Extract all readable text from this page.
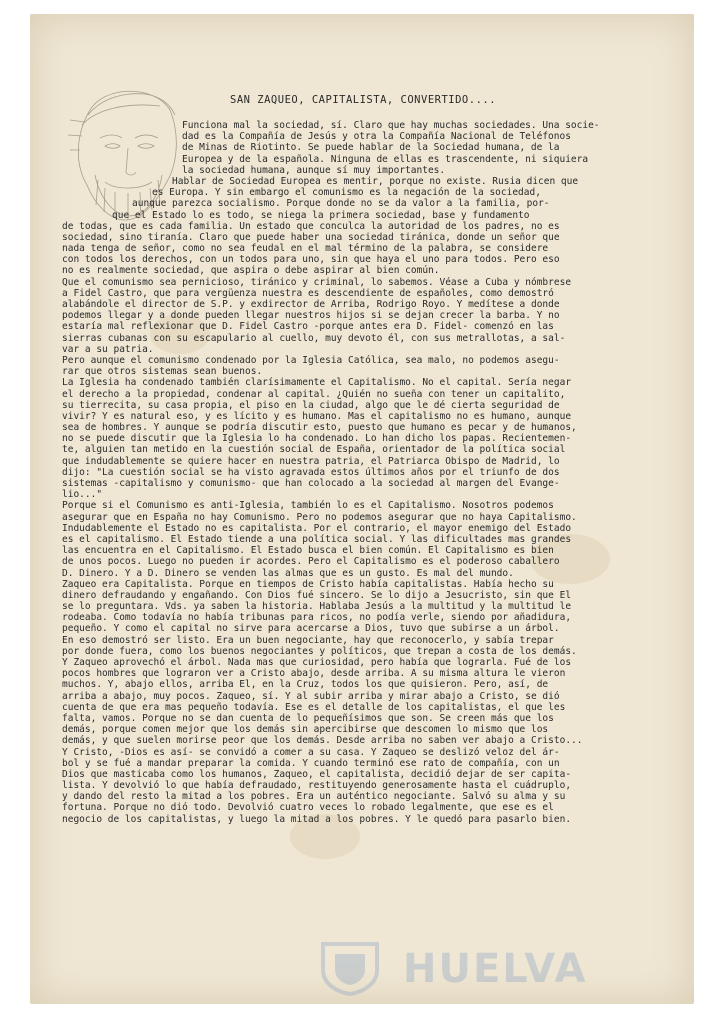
SAN ZAQUEO, CAPITALISTA, CONVERTIDO....
Funciona mal la sociedad, sí. Claro que hay muchas sociedades. Una socie-
dad es la Compañía de Jesús y otra la Compañía Nacional de Teléfonos
de Minas de Riotinto. Se puede hablar de la Sociedad humana, de la
Europea y de la española. Ninguna de ellas es trascendente, ni siquiera
la sociedad humana, aunque sí muy importantes.
Hablar de Sociedad Europea es mentir, porque no existe. Rusia dicen que
es Europa. Y sin embargo el comunismo es la negación de la sociedad,
aunque parezca socialismo. Porque donde no se da valor a la familia, por-
que el Estado lo es todo, se niega la primera sociedad, base y fundamento
de todas, que es cada familia. Un estado que conculca la autoridad de los padres, no es
sociedad, sino tiranía. Claro que puede haber una sociedad tiránica, donde un señor que
nada tenga de señor, como no sea feudal en el mal término de la palabra, se considere
con todos los derechos, con un todos para uno, sin que haya el uno para todos. Pero eso
no es realmente sociedad, que aspira o debe aspirar al bien común.
Que el comunismo sea pernicioso, tiránico y criminal, lo sabemos. Véase a Cuba y nómbrese
a Fidel Castro, que para vergüenza nuestra es descendiente de españoles, como demostró
alabándole el director de S.P. y exdirector de Arriba, Rodrigo Royo. Y medítese a donde
podemos llegar y a donde pueden llegar nuestros hijos si se dejan crecer la barba. Y no
estaría mal reflexionar que D. Fidel Castro -porque antes era D. Fidel- comenzó en las
sierras cubanas con su escapulario al cuello, muy devoto él, con sus metrallotas, a sal-
var a su patria.
Pero aunque el comunismo condenado por la Iglesia Católica, sea malo, no podemos asegu-
rar que otros sistemas sean buenos.
La Iglesia ha condenado también clarísimamente el Capitalismo. No el capital. Sería negar
el derecho a la propiedad, condenar al capital. ¿Quién no sueña con tener un capitalito,
su tierrecita, su casa propia, el piso en la ciudad, algo que le dé cierta seguridad de
vivir? Y es natural eso, y es lícito y es humano. Mas el capitalismo no es humano, aunque
sea de hombres. Y aunque se podría discutir esto, puesto que humano es pecar y de humanos,
no se puede discutir que la Iglesia lo ha condenado. Lo han dicho los papas. Recientemen-
te, alguien tan metido en la cuestión social de España, orientador de la política social
que indudablemente se quiere hacer en nuestra patria, el Patriarca Obispo de Madrid, lo
dijo: "La cuestión social se ha visto agravada estos últimos años por el triunfo de dos
sistemas -capitalismo y comunismo- que han colocado a la sociedad al margen del Evange-
lio..."
Porque si el Comunismo es anti-Iglesia, también lo es el Capitalismo. Nosotros podemos
asegurar que en España no hay Comunismo. Pero no podemos asegurar que no haya Capitalismo.
Indudablemente el Estado no es capitalista. Por el contrario, el mayor enemigo del Estado
es el capitalismo. El Estado tiende a una política social. Y las dificultades mas grandes
las encuentra en el Capitalismo. El Estado busca el bien común. El Capitalismo es bien
de unos pocos. Luego no pueden ir acordes. Pero el Capitalismo es el poderoso caballero
D. Dinero. Y a D. Dinero se venden las almas que es un gusto. Es mal del mundo.
Zaqueo era Capitalista. Porque en tiempos de Cristo había capitalistas. Había hecho su
dinero defraudando y engañando. Con Dios fué sincero. Se lo dijo a Jesucristo, sin que El
se lo preguntara. Vds. ya saben la historia. Hablaba Jesús a la multitud y la multitud le
rodeaba. Como todavía no había tribunas para ricos, no podía verle, siendo por añadidura,
pequeño. Y como el capital no sirve para acercarse a Dios, tuvo que subirse a un árbol.
En eso demostró ser listo. Era un buen negociante, hay que reconocerlo, y sabía trepar
por donde fuera, como los buenos negociantes y políticos, que trepan a costa de los demás.
Y Zaqueo aprovechó el árbol. Nada mas que curiosidad, pero había que lograrla. Fué de los
pocos hombres que lograron ver a Cristo abajo, desde arriba. A su misma altura le vieron
muchos. Y, abajo ellos, arriba El, en la Cruz, todos los que quisieron. Pero, así, de
arriba a abajo, muy pocos. Zaqueo, sí. Y al subir arriba y mirar abajo a Cristo, se dió
cuenta de que era mas pequeño todavía. Ese es el detalle de los capitalistas, el que les
falta, vamos. Porque no se dan cuenta de lo pequeñísimos que son. Se creen más que los
demás, porque comen mejor que los demás sin apercibirse que descomen lo mismo que los
demás, y que suelen morirse peor que los demás. Desde arriba no saben ver abajo a Cristo...
Y Cristo, -Dios es así- se convidó a comer a su casa. Y Zaqueo se deslizó veloz del ár-
bol y se fué a mandar preparar la comida. Y cuando terminó ese rato de compañía, con un
Dios que masticaba como los humanos, Zaqueo, el capitalista, decidió dejar de ser capita-
lista. Y devolvió lo que había defraudado, restituyendo generosamente hasta el cuádruplo,
y dando del resto la mitad a los pobres. Era un auténtico negociante. Salvó su alma y su
fortuna. Porque no dió todo. Devolvió cuatro veces lo robado legalmente, que ese es el
negocio de los capitalistas, y luego la mitad a los pobres. Y le quedó para pasarlo bien.
HUELVA
